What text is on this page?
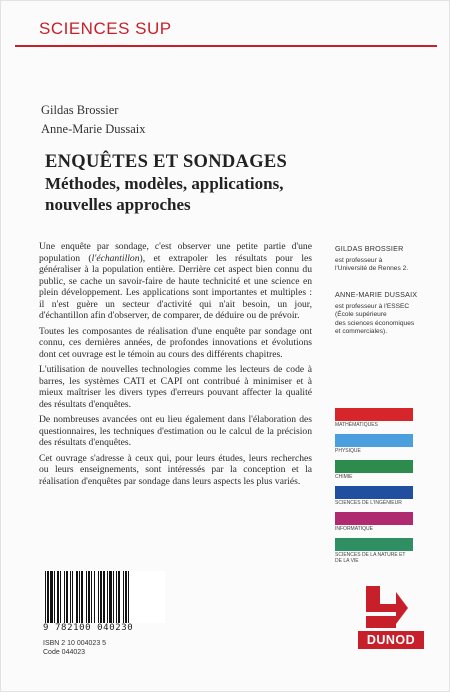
SCIENCES SUP
Gildas Brossier
Anne-Marie Dussaix
ENQUÊTES ET SONDAGES
Méthodes, modèles, applications,
nouvelles approches

Une enquête par sondage, c'est observer une petite partie d'une population (l'échantillon), et extrapoler les résultats pour les généraliser à la population entière. Derrière cet aspect bien connu du public, se cache un savoir-faire de haute technicité et une science en plein développement. Les applications sont importantes et multiples : il n'est guère un secteur d'activité qui n'ait besoin, un jour, d'échantillon afin d'observer, de comparer, de déduire ou de prévoir.

Toutes les composantes de réalisation d'une enquête par sondage ont connu, ces dernières années, de profondes innovations et évolutions dont cet ouvrage est le témoin au cours des différents chapitres.

L'utilisation de nouvelles technologies comme les lecteurs de code à barres, les systèmes CATI et CAPI ont contribué à minimiser et à mieux maîtriser les divers types d'erreurs pouvant affecter la qualité des résultats d'enquêtes.

De nombreuses avancées ont eu lieu également dans l'élaboration des questionnaires, les techniques d'estimation ou le calcul de la précision des résultats d'enquêtes.

Cet ouvrage s'adresse à ceux qui, pour leurs études, leurs recherches ou leurs enseignements, sont intéressés par la conception et la réalisation d'enquêtes par sondage dans leurs aspects les plus variés.

GILDAS BROSSIER
est professeur à
l'Université de Rennes 2.
ANNE-MARIE DUSSAIX
est professeur à l'ESSEC
(École supérieure
des sciences économiques
et commerciales).
MATHÉMATIQUES
PHYSIQUE
CHIMIE
SCIENCES DE L'INGÉNIEUR
INFORMATIQUE
SCIENCES DE LA NATURE ET DE LA VIE
9 782100 040230
ISBN 2 10 004023 5
Code 044023
DUNOD
